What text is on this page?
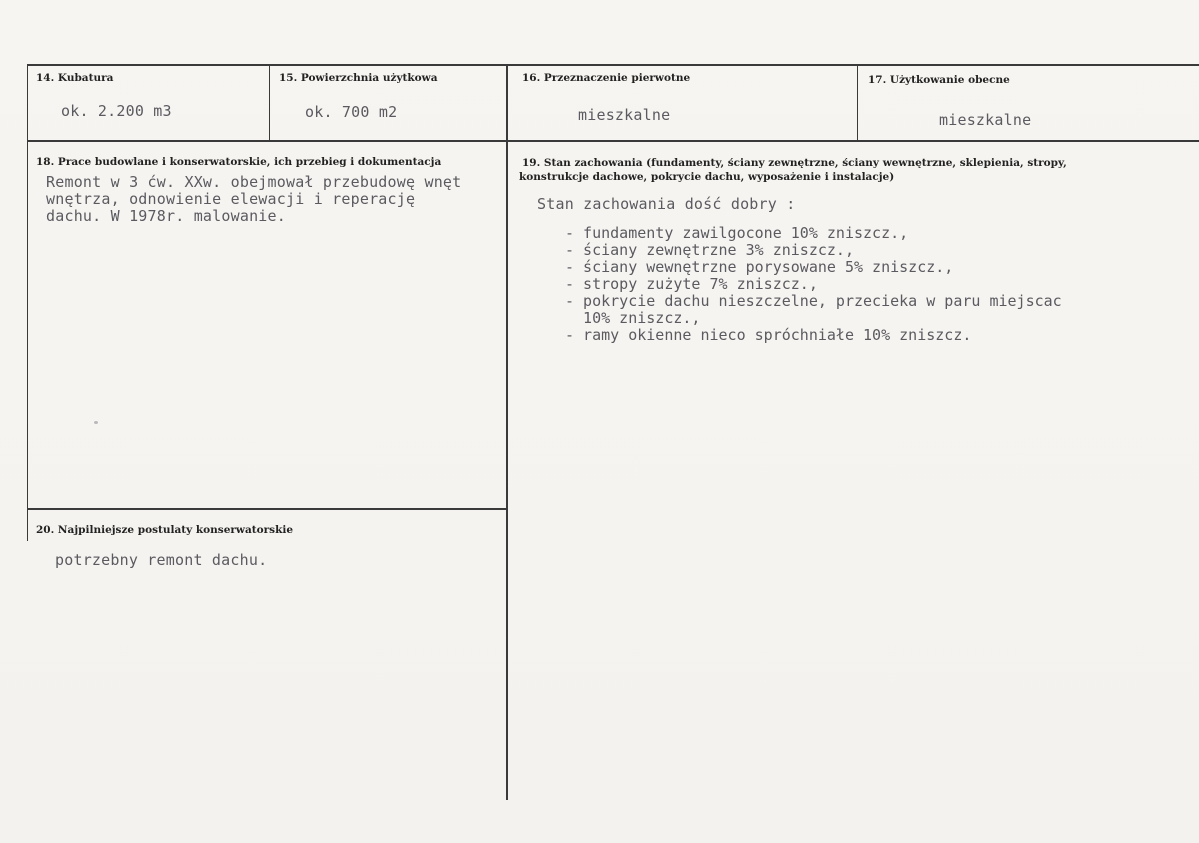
14. Kubatura
ok. 2.200 m3
15. Powierzchnia użytkowa
ok. 700 m2
16. Przeznaczenie pierwotne
mieszkalne
17. Użytkowanie obecne
mieszkalne
18. Prace budowlane i konserwatorskie, ich przebieg i dokumentacja
Remont w 3 ćw. XXw. obejmował przebudowę wnęt
wnętrza, odnowienie elewacji i reperację
dachu. W 1978r. malowanie.
19. Stan zachowania (fundamenty, ściany zewnętrzne, ściany wewnętrzne, sklepienia, stropy,
konstrukcje dachowe, pokrycie dachu, wyposażenie i instalacje)
Stan zachowania dość dobry :
- fundamenty zawilgocone 10% zniszcz.,
- ściany zewnętrzne 3% zniszcz.,
- ściany wewnętrzne porysowane 5% zniszcz.,
- stropy zużyte 7% zniszcz.,
- pokrycie dachu nieszczelne, przecieka w paru miejscac
10% zniszcz.,
- ramy okienne nieco spróchniałe 10% zniszcz.
20. Najpilniejsze postulaty konserwatorskie
potrzebny remont dachu.
